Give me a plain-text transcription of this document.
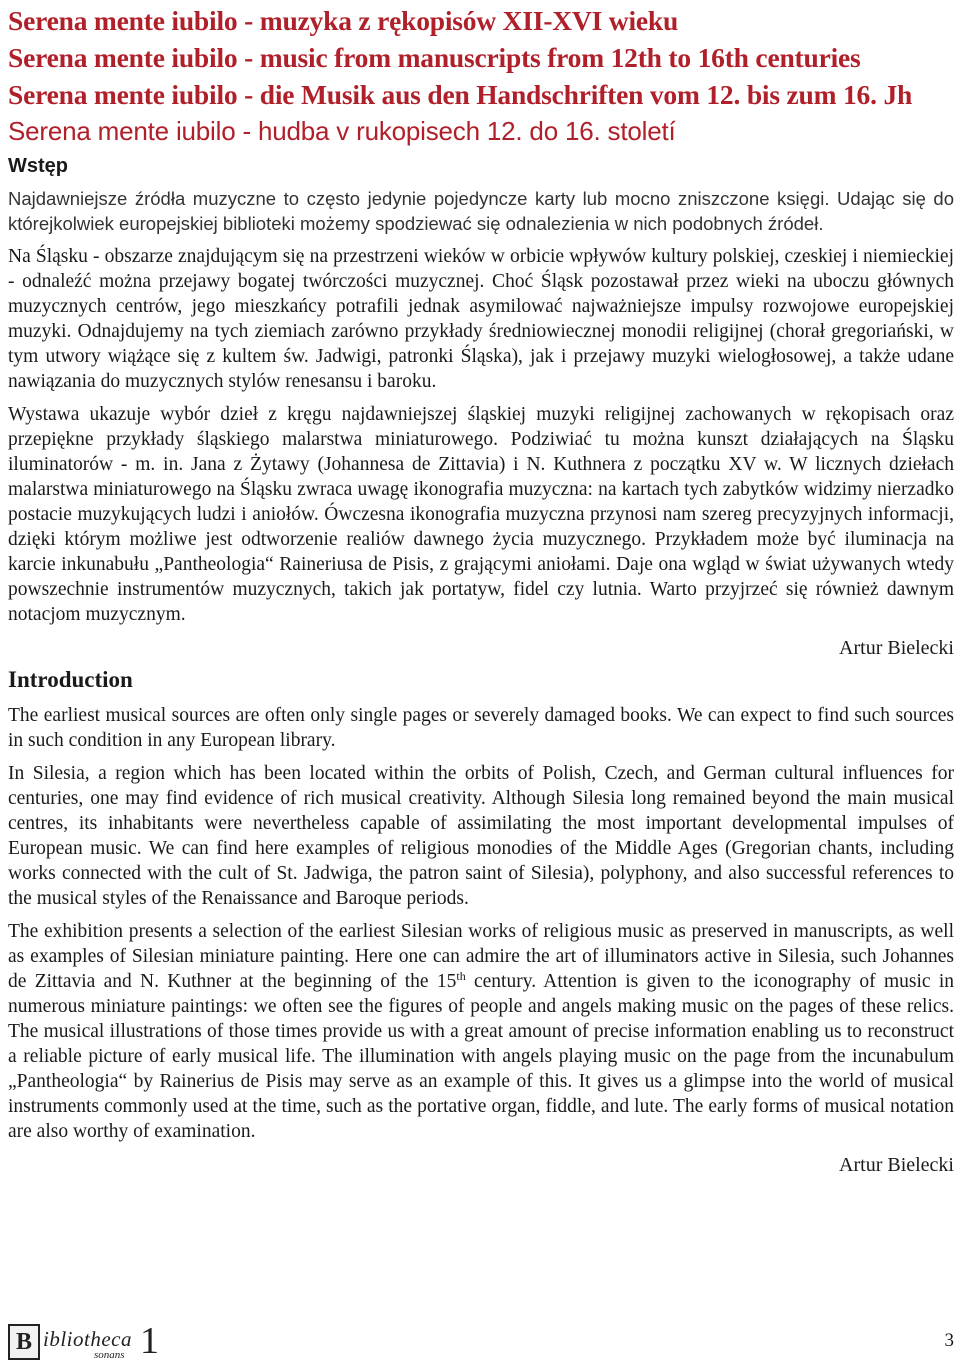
Serena mente iubilo - muzyka z rękopisów XII-XVI wieku
Serena mente iubilo - music from manuscripts from 12th to 16th centuries
Serena mente iubilo - die Musik aus den Handschriften vom 12. bis zum 16. Jh
Serena mente iubilo - hudba v rukopisech 12. do 16. století
Wstęp

Najdawniejsze źródła muzyczne to często jedynie pojedyncze karty lub mocno zniszczone księgi. Udając się do którejkolwiek europejskiej biblioteki możemy spodziewać się odnalezienia w nich podobnych źródeł.

Na Śląsku - obszarze znajdującym się na przestrzeni wieków w orbicie wpływów kultury polskiej, czeskiej i niemieckiej - odnaleźć można przejawy bogatej twórczości muzycznej. Choć Śląsk pozostawał przez wieki na uboczu głównych muzycznych centrów, jego mieszkańcy potrafili jednak asymilować najważniejsze impulsy rozwojowe europejskiej muzyki. Odnajdujemy na tych ziemiach zarówno przykłady średniowiecznej monodii religijnej (chorał gregoriański, w tym utwory wiążące się z kultem św. Jadwigi, patronki Śląska), jak i przejawy muzyki wielogłosowej, a także udane nawiązania do muzycznych stylów renesansu i baroku.

Wystawa ukazuje wybór dzieł z kręgu najdawniejszej śląskiej muzyki religijnej zachowanych w rękopisach oraz przepiękne przykłady śląskiego malarstwa miniaturowego. Podziwiać tu można kunszt działających na Śląsku iluminatorów - m. in. Jana z Żytawy (Johannesa de Zittavia) i N. Kuthnera z początku XV w. W licznych dziełach malarstwa miniaturowego na Śląsku zwraca uwagę ikonografia muzyczna: na kartach tych zabytków widzimy nierzadko postacie muzykujących ludzi i aniołów. Ówczesna ikonografia muzyczna przynosi nam szereg precyzyjnych informacji, dzięki którym możliwe jest odtworzenie realiów dawnego życia muzycznego. Przykładem może być iluminacja na karcie inkunabułu „Pantheologia“ Raineriusa de Pisis, z grającymi aniołami. Daje ona wgląd w świat używanych wtedy powszechnie instrumentów muzycznych, takich jak portatyw, fidel czy lutnia. Warto przyjrzeć się również dawnym notacjom muzycznym.

Artur Bielecki
Introduction

The earliest musical sources are often only single pages or severely damaged books. We can expect to find such sources in such condition in any European library.

In Silesia, a region which has been located within the orbits of Polish, Czech, and German cultural influences for centuries, one may find evidence of rich musical creativity. Although Silesia long remained beyond the main musical centres, its inhabitants were nevertheless capable of assimilating the most important developmental impulses of European music. We can find here examples of religious monodies of the Middle Ages (Gregorian chants, including works connected with the cult of St. Jadwiga, the patron saint of Silesia), polyphony, and also successful references to the musical styles of the Renaissance and Baroque periods.

The exhibition presents a selection of the earliest Silesian works of religious music as preserved in manuscripts, as well as examples of Silesian miniature painting. Here one can admire the art of illuminators active in Silesia, such Johannes de Zittavia and N. Kuthner at the beginning of the 15th century. Attention is given to the iconography of music in numerous miniature paintings: we often see the figures of people and angels making music on the pages of these relics. The musical illustrations of those times provide us with a great amount of precise information enabling us to reconstruct a reliable picture of early musical life. The illumination with angels playing music on the page from the incunabulum „Pantheologia“ by Rainerius de Pisis may serve as an example of this. It gives us a glimpse into the world of musical instruments commonly used at the time, such as the portative organ, fiddle, and lute. The early forms of musical notation are also worthy of examination.

Artur Bielecki
B ibliotheca 1
sonans
3
